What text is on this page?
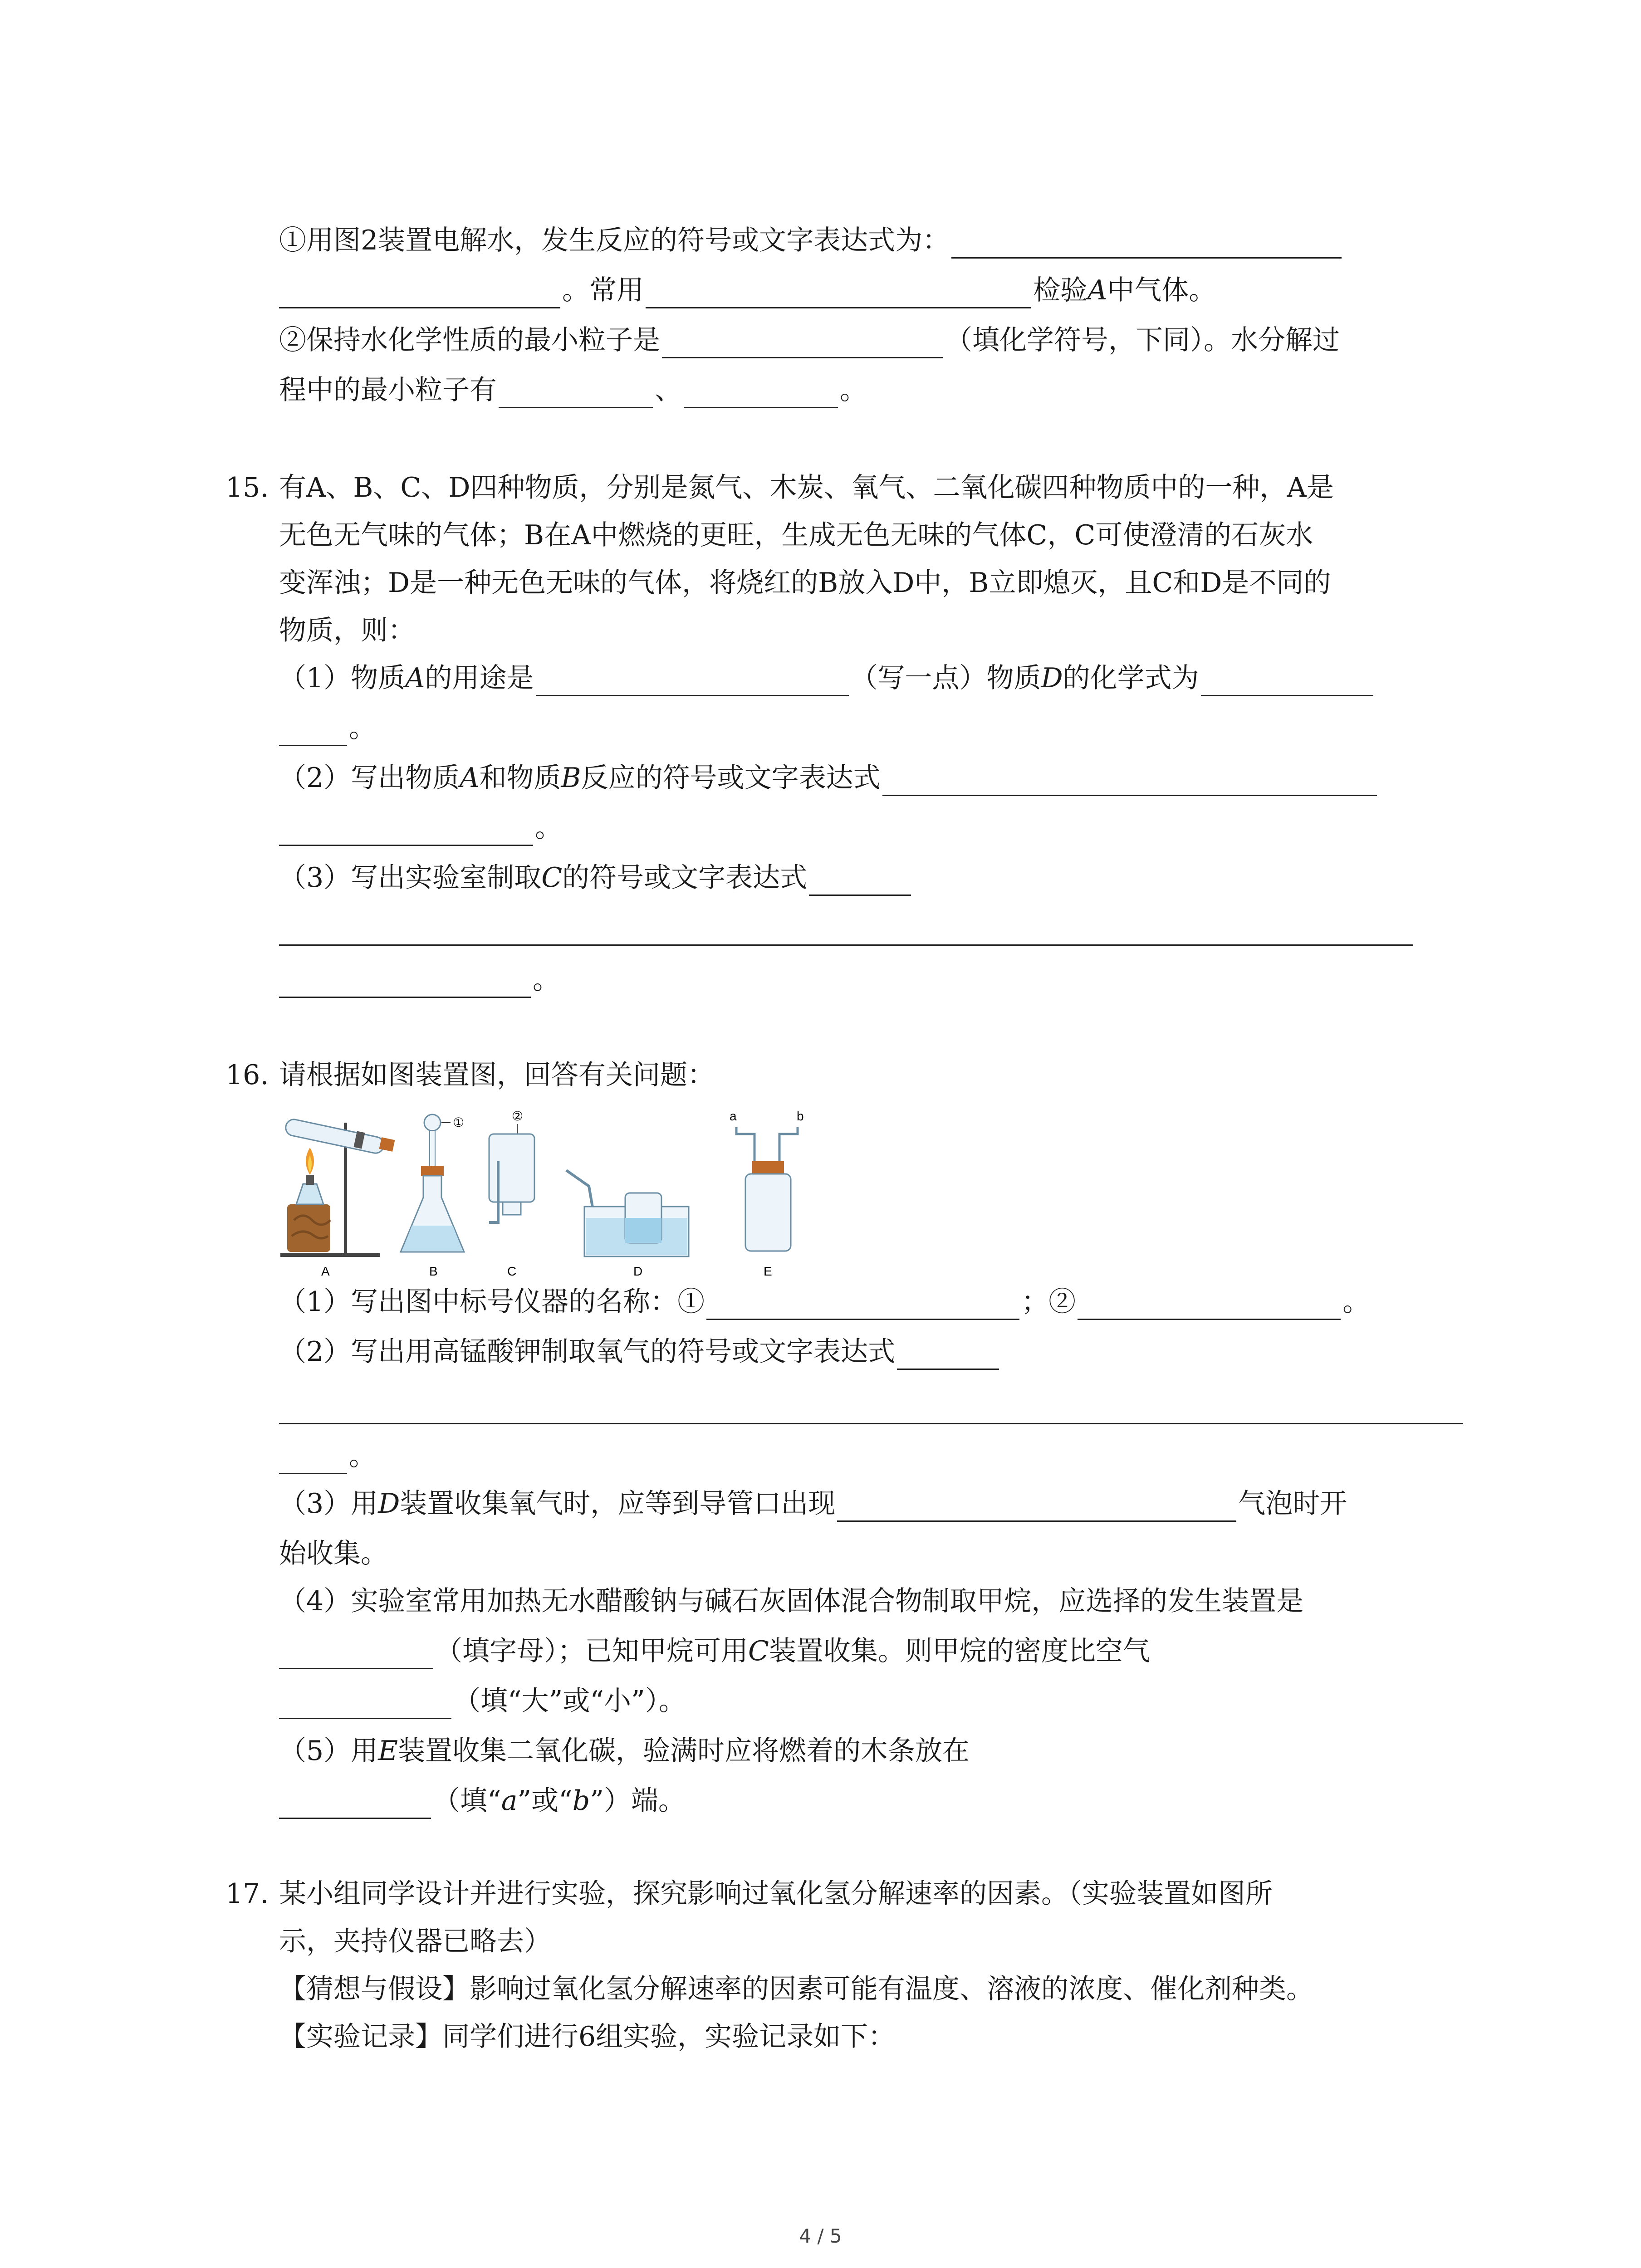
①用图2装置电解水，发生反应的符号或文字表达式为：
。常用	检验A中气体。
②保持水化学性质的最小粒子是	（填化学符号，下同）。水分解过
程中的最小粒子有	、	。
15. 有A、B、C、D四种物质，分别是氮气、木炭、氧气、二氧化碳四种物质中的一种，A是
无色无气味的气体；B在A中燃烧的更旺，生成无色无味的气体C，C可使澄清的石灰水
变浑浊；D是一种无色无味的气体，将烧红的B放入D中，B立即熄灭，且C和D是不同的
物质，则：
（1）物质A的用途是	（写一点）物质D的化学式为
。
（2）写出物质A和物质B反应的符号或文字表达式
。
（3）写出实验室制取C的符号或文字表达式
。
16. 请根据如图装置图，回答有关问题：
A
①
B
②
C	D
a	b
E
（1）写出图中标号仪器的名称：①	；②	。
（2）写出用高锰酸钾制取氧气的符号或文字表达式
。
（3）用D装置收集氧气时，应等到导管口出现	气泡时开
始收集。
（4）实验室常用加热无水醋酸钠与碱石灰固体混合物制取甲烷，应选择的发生装置是
（填字母）；已知甲烷可用C装置收集。则甲烷的密度比空气
（填“大”或“小”）。
（5）用E装置收集二氧化碳，验满时应将燃着的木条放在
（填“a”或“b”）端。
17. 某小组同学设计并进行实验，探究影响过氧化氢分解速率的因素。（实验装置如图所
示，夹持仪器已略去）
【猜想与假设】影响过氧化氢分解速率的因素可能有温度、溶液的浓度、催化剂种类。
【实验记录】同学们进行6组实验，实验记录如下：
4 / 5
